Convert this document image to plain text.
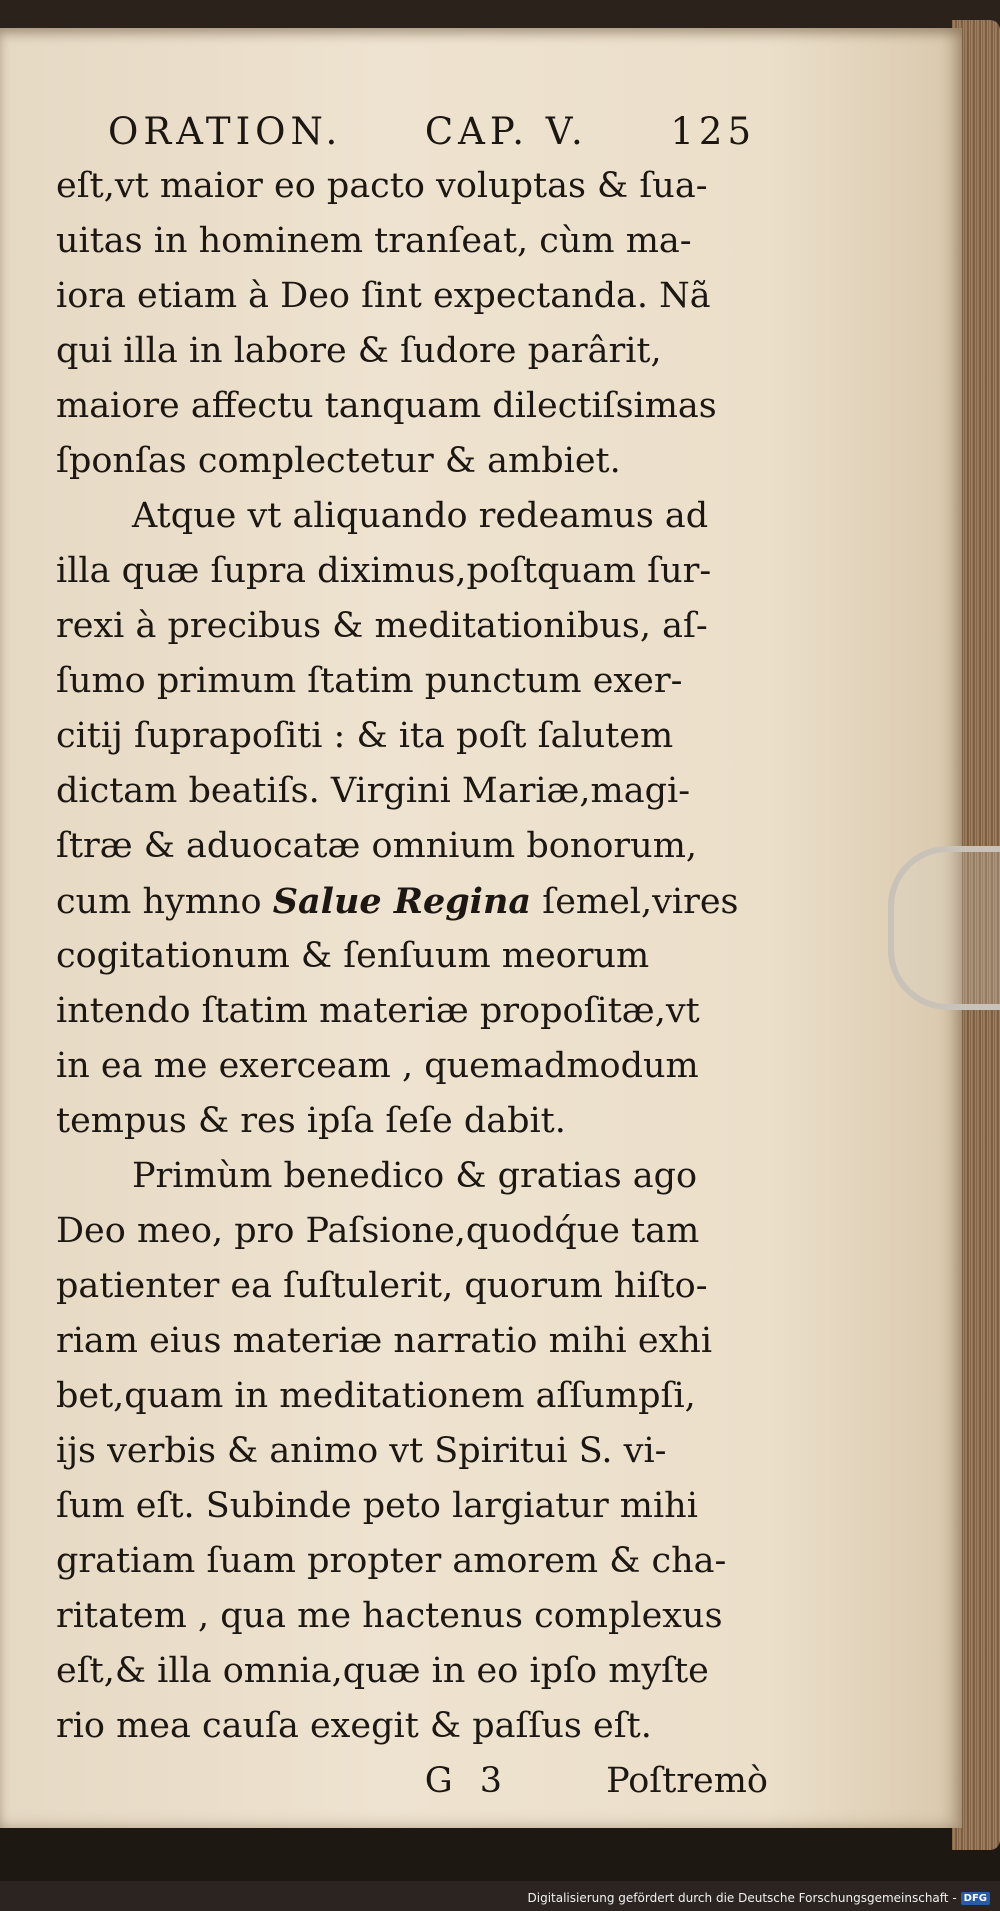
ORATION. CAP. V. 125
eſt,vt maior eo pacto voluptas & ſua-
uitas in hominem tranſeat, cùm ma-
iora etiam à Deo ſint expectanda. Nã
qui illa in labore & ſudore parârit,
maiore affectu tanquam dilectiſsimas
ſponſas complectetur & ambiet.
Atque vt aliquando redeamus ad
illa quæ ſupra diximus,poſtquam ſur-
rexi à precibus & meditationibus, aſ-
ſumo primum ſtatim punctum exer-
citij ſuprapoſiti : & ita poſt ſalutem
dictam beatiſs. Virgini Mariæ,magi-
ſtræ & aduocatæ omnium bonorum,
cum hymno Salue Regina ſemel,vires
cogitationum & ſenſuum meorum
intendo ſtatim materiæ propoſitæ,vt
in ea me exerceam , quemadmodum
tempus & res ipſa ſeſe dabit.
Primùm benedico & gratias ago
Deo meo, pro Paſsione,quodq́ue tam
patienter ea ſuſtulerit, quorum hiſto-
riam eius materiæ narratio mihi exhi
bet,quam in meditationem aſſumpſi,
ijs verbis & animo vt Spiritui S. vi-
ſum eſt. Subinde peto largiatur mihi
gratiam ſuam propter amorem & cha-
ritatem , qua me hactenus complexus
eſt,& illa omnia,quæ in eo ipſo myſte
rio mea cauſa exegit & paſſus eſt.
G 3	Poſtremò
Digitalisierung gefördert durch die Deutsche Forschungsgemeinschaft - DFG
